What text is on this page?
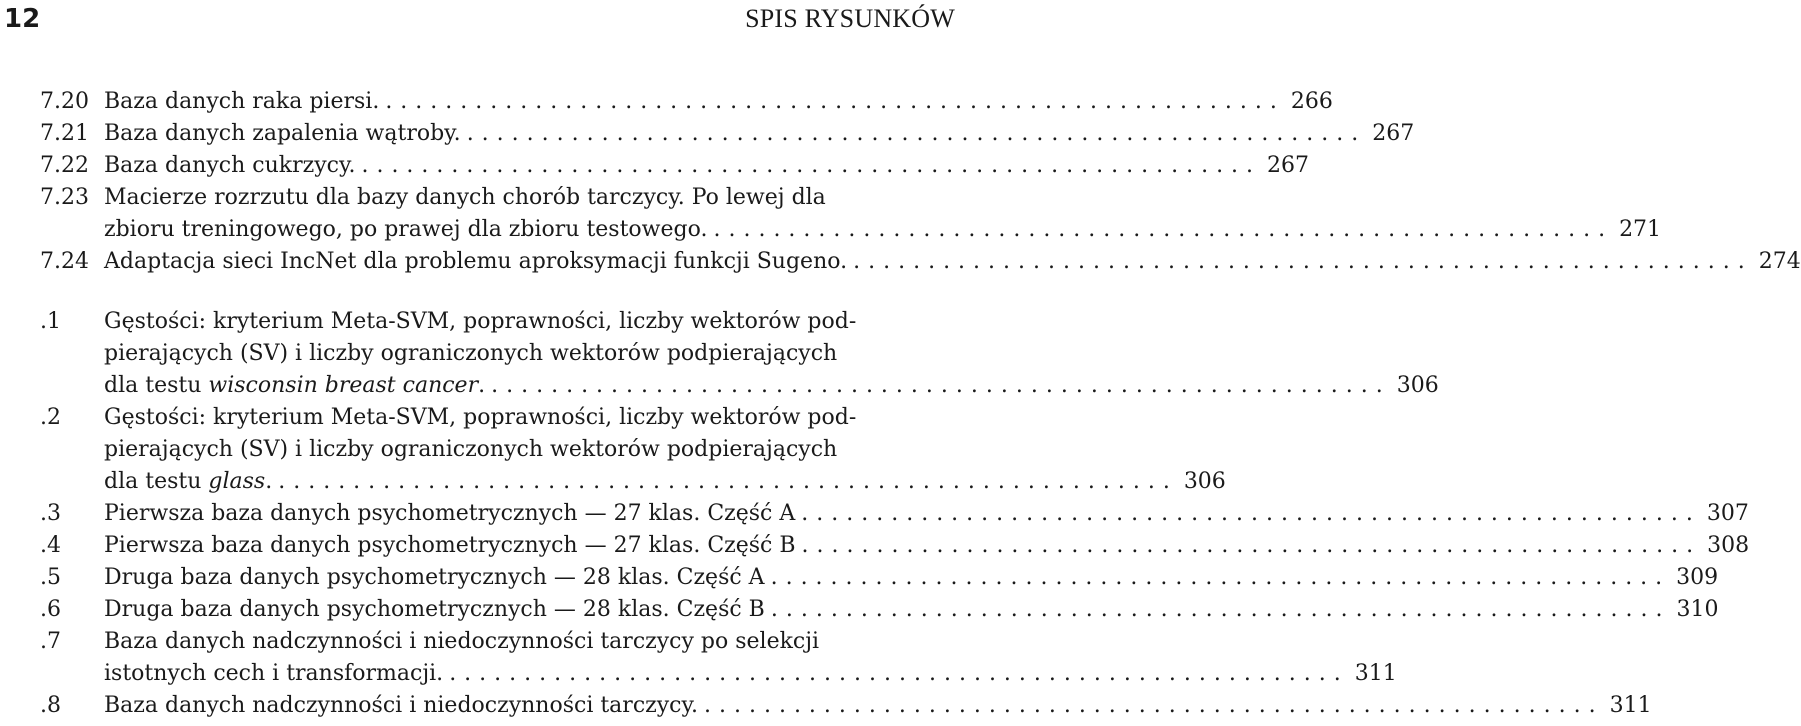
12	SPIS RYSUNKÓW
7.20 Baza danych raka piersi. ............................................................ 266
7.21 Baza danych zapalenia wątroby. ............................................................ 267
7.22 Baza danych cukrzycy. ............................................................ 267
7.23 Macierze rozrzutu dla bazy danych chorób tarczycy. Po lewej dla
zbioru treningowego, po prawej dla zbioru testowego. ............................................................ 271
7.24 Adaptacja sieci IncNet dla problemu aproksymacji funkcji Sugeno. ............................................................ 274
.1	Gęstości: kryterium Meta-SVM, poprawności, liczby wektorów pod-
pierających (SV) i liczby ograniczonych wektorów podpierających
dla testu wisconsin breast cancer. ............................................................ 306
.2	Gęstości: kryterium Meta-SVM, poprawności, liczby wektorów pod-
pierających (SV) i liczby ograniczonych wektorów podpierających
dla testu glass. ............................................................ 306
.3	Pierwsza baza danych psychometrycznych — 27 klas. Część A ............................................................ 307
.4	Pierwsza baza danych psychometrycznych — 27 klas. Część B ............................................................ 308
.5	Druga baza danych psychometrycznych — 28 klas. Część A ............................................................ 309
.6	Druga baza danych psychometrycznych — 28 klas. Część B ............................................................ 310
.7	Baza danych nadczynności i niedoczynności tarczycy po selekcji
istotnych cech i transformacji. ............................................................ 311
.8	Baza danych nadczynności i niedoczynności tarczycy. ............................................................ 311
